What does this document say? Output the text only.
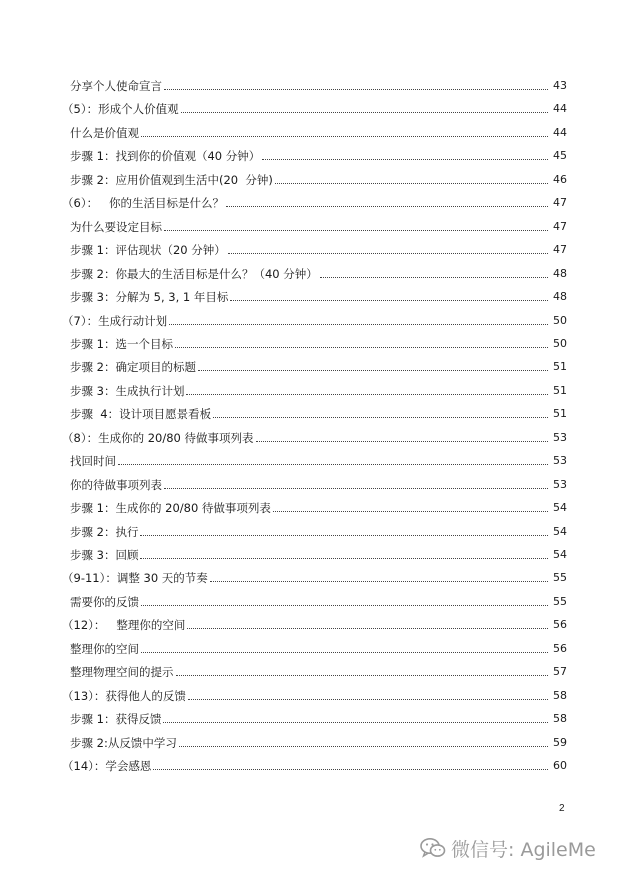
分享个人使命宣言	43
（5）：形成个人价值观	44
什么是价值观	44
步骤 1：找到你的价值观（40 分钟）	45
步骤 2：应用价值观到生活中(20  分钟)	46
（6）：   你的生活目标是什么？	47
为什么要设定目标	47
步骤 1：评估现状（20 分钟）	47
步骤 2：你最大的生活目标是什么？（40 分钟）	48
步骤 3：分解为 5, 3, 1 年目标	48
（7）：生成行动计划	50
步骤 1：选一个目标	50
步骤 2：确定项目的标题	51
步骤 3：生成执行计划	51
步骤  4：设计项目愿景看板	51
（8）：生成你的 20/80 待做事项列表	53
找回时间	53
你的待做事项列表	53
步骤 1：生成你的 20/80 待做事项列表	54
步骤 2：执行	54
步骤 3：回顾	54
（9-11）：调整 30 天的节奏	55
需要你的反馈	55
（12）：   整理你的空间	56
整理你的空间	56
整理物理空间的提示	57
（13）：获得他人的反馈	58
步骤 1：获得反馈	58
步骤 2:从反馈中学习	59
（14）：学会感恩	60
2
微信号: AgileMe
